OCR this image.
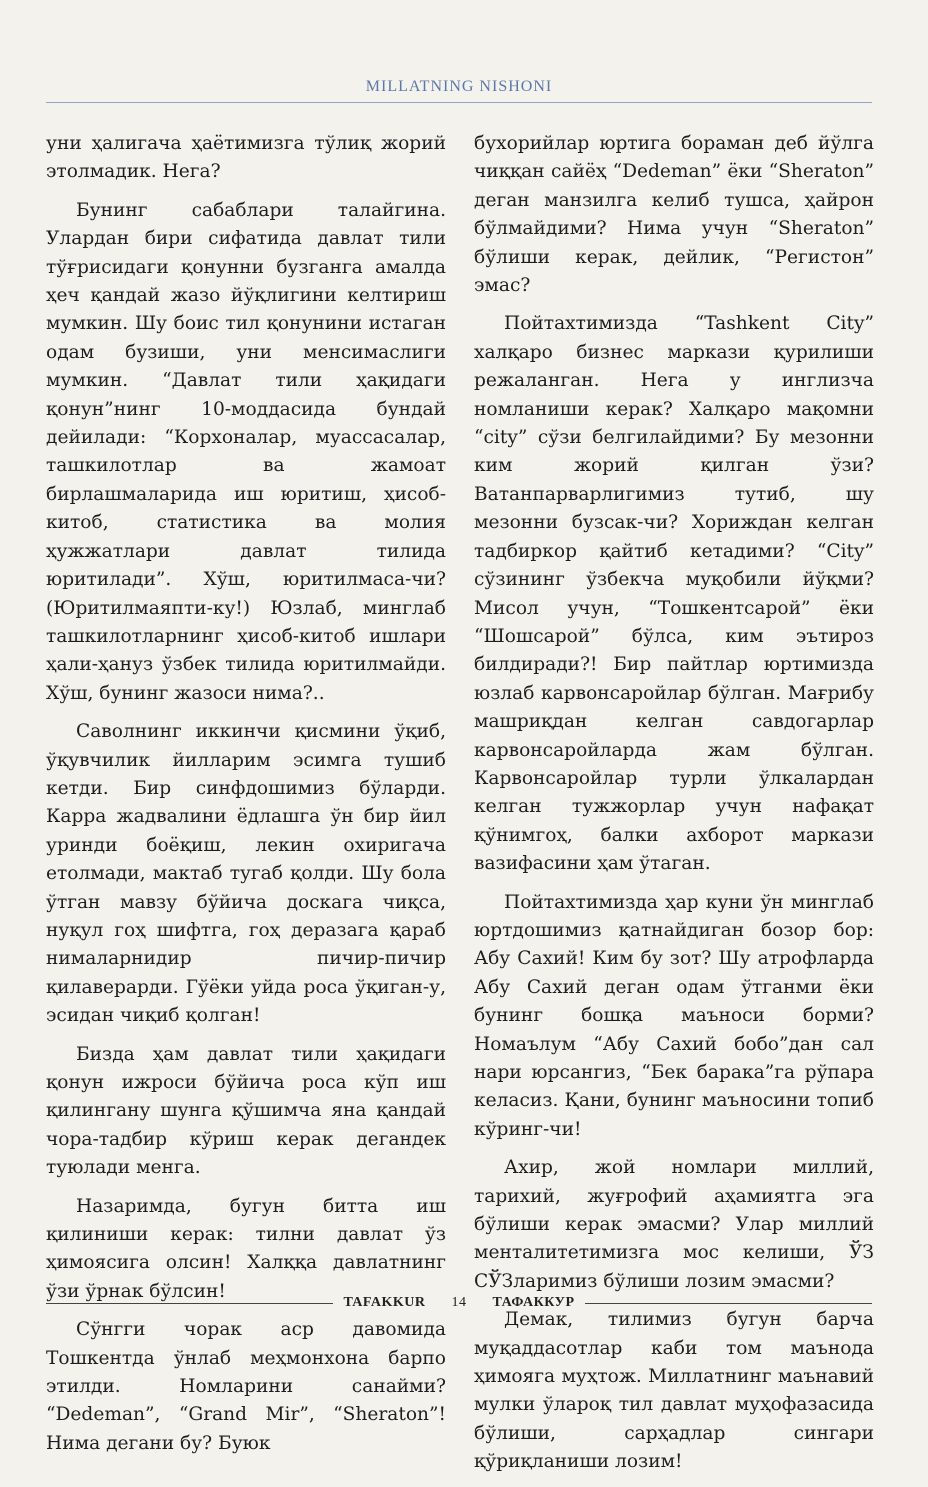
MILLATNING NISHONI

уни ҳалигача ҳаётимизга тўлиқ жорий этолмадик. Нега?

Бунинг сабаблари талайгина. Улардан бири сифатида давлат тили тўғрисидаги қонунни бузганга амалда ҳеч қандай жазо йўқлигини келтириш мумкин. Шу боис тил қонунини истаган одам бузиши, уни менсимаслиги мумкин. “Давлат тили ҳақидаги қонун”нинг 10-моддасида бундай дейилади: “Корхоналар, муассасалар, ташкилотлар ва жамоат бирлашмаларида иш юритиш, ҳисоб-китоб, статистика ва молия ҳужжатлари давлат тилида юритилади”. Хўш, юритилмаса-чи? (Юритилмаяпти-ку!) Юзлаб, минглаб ташкилотларнинг ҳисоб-китоб ишлари ҳали-ҳануз ўзбек тилида юритилмайди. Хўш, бунинг жазоси нима?..

Саволнинг иккинчи қисмини ўқиб, ўқувчилик йилларим эсимга тушиб кетди. Бир синфдошимиз бўларди. Карра жадвалини ёдлашга ўн бир йил уринди боёқиш, лекин охиригача етолмади, мактаб тугаб қолди. Шу бола ўтган мавзу бўйича доскага чиқса, нуқул гоҳ шифтга, гоҳ деразага қараб нималарнидир пичир-пичир қилаверарди. Гўёки уйда роса ўқиган-у, эсидан чиқиб қолган!

Бизда ҳам давлат тили ҳақидаги қонун ижроси бўйича роса кўп иш қилингану шунга қўшимча яна қандай чора-тадбир кўриш керак дегандек туюлади менга.

Назаримда, бугун битта иш қилиниши керак: тилни давлат ўз ҳимоясига олсин! Халққа давлатнинг ўзи ўрнак бўлсин!

Сўнгги чорак аср давомида Тошкентда ўнлаб меҳмонхона барпо этилди. Номларини санайми? “Dedeman”, “Grand Mir”, “Sheraton”! Нима дегани бу? Буюк

бухорийлар юртига бораман деб йўлга чиққан сайёҳ “Dedeman” ёки “Sheraton” деган манзилга келиб тушса, ҳайрон бўлмайдими? Нима учун “Sheraton” бўлиши керак, дейлик, “Регистон” эмас?

Пойтахтимизда “Tashkent City” халқаро бизнес маркази қурилиши режаланган. Нега у инглизча номланиши керак? Халқаро мақомни “city” сўзи белгилайдими? Бу мезонни ким жорий қилган ўзи? Ватанпарварлигимиз тутиб, шу мезонни бузсак-чи? Хориждан келган тадбиркор қайтиб кетадими? “City” сўзининг ўзбекча муқобили йўқми? Мисол учун, “Тошкентсарой” ёки “Шошсарой” бўлса, ким эътироз билдиради?! Бир пайтлар юртимизда юзлаб карвонсаройлар бўлган. Мағрибу машриқдан келган савдогарлар карвонсаройларда жам бўлган. Карвонсаройлар турли ўлкалардан келган тужжорлар учун нафақат қўнимгоҳ, балки ахборот маркази вазифасини ҳам ўтаган.

Пойтахтимизда ҳар куни ўн минглаб юртдошимиз қатнайдиган бозор бор: Абу Сахий! Ким бу зот? Шу атрофларда Абу Сахий деган одам ўтганми ёки бунинг бошқа маъноси борми? Номаълум “Абу Сахий бобо”дан сал нари юрсангиз, “Бек барака”га рўпара келасиз. Қани, бунинг маъносини топиб кўринг-чи!

Ахир, жой номлари миллий, тарихий, жуғрофий аҳамиятга эга бўлиши керак эмасми? Улар миллий менталитетимизга мос келиши, ЎЗ СЎЗларимиз бўлиши лозим эмасми?

Демак, тилимиз бугун барча муқаддасотлар каби том маънода ҳимояга муҳтож. Миллатнинг маънавий мулки ўлароқ тил давлат муҳофазасида бўлиши, сарҳадлар сингари қўриқланиши лозим!

TAFAKKUR 14 ТАФАККУР
